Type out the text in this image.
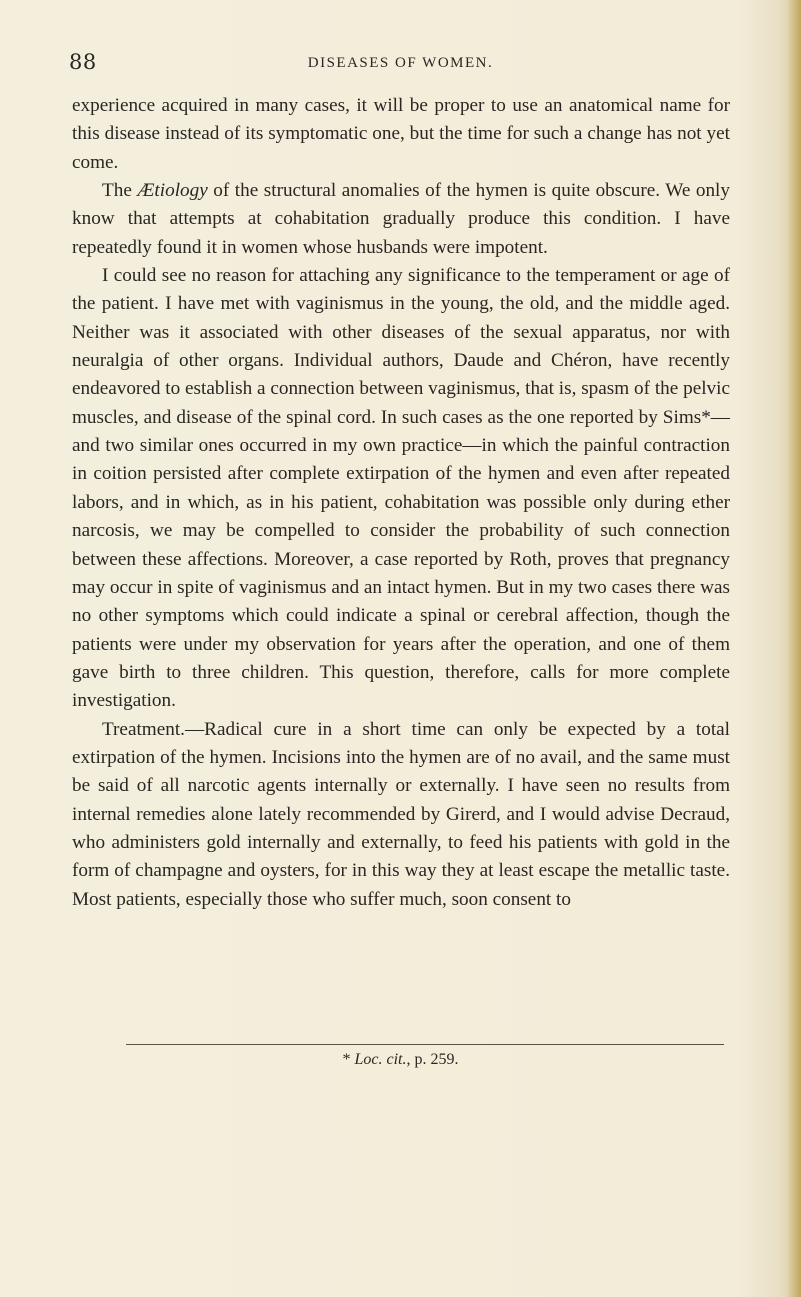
88	DISEASES OF WOMEN.

experience acquired in many cases, it will be proper to use an anatomical name for this disease instead of its symptomatic one, but the time for such a change has not yet come.

The Ætiology of the structural anomalies of the hymen is quite obscure. We only know that attempts at cohabitation gradually produce this condition. I have repeatedly found it in women whose husbands were impotent.

I could see no reason for attaching any significance to the temperament or age of the patient. I have met with vaginismus in the young, the old, and the middle aged. Neither was it associated with other diseases of the sexual apparatus, nor with neuralgia of other organs. Individual authors, Daude and Chéron, have recently endeavored to establish a connection between vaginismus, that is, spasm of the pelvic muscles, and disease of the spinal cord. In such cases as the one reported by Sims*—and two similar ones occurred in my own practice—in which the painful contraction in coition persisted after complete extirpation of the hymen and even after repeated labors, and in which, as in his patient, cohabitation was possible only during ether narcosis, we may be compelled to consider the probability of such connection between these affections. Moreover, a case reported by Roth, proves that pregnancy may occur in spite of vaginismus and an intact hymen. But in my two cases there was no other symptoms which could indicate a spinal or cerebral affection, though the patients were under my observation for years after the operation, and one of them gave birth to three children. This question, therefore, calls for more complete investigation.

Treatment.—Radical cure in a short time can only be expected by a total extirpation of the hymen. Incisions into the hymen are of no avail, and the same must be said of all narcotic agents internally or externally. I have seen no results from internal remedies alone lately recommended by Girerd, and I would advise Decraud, who administers gold internally and externally, to feed his patients with gold in the form of champagne and oysters, for in this way they at least escape the metallic taste. Most patients, especially those who suffer much, soon consent to

* Loc. cit., p. 259.
